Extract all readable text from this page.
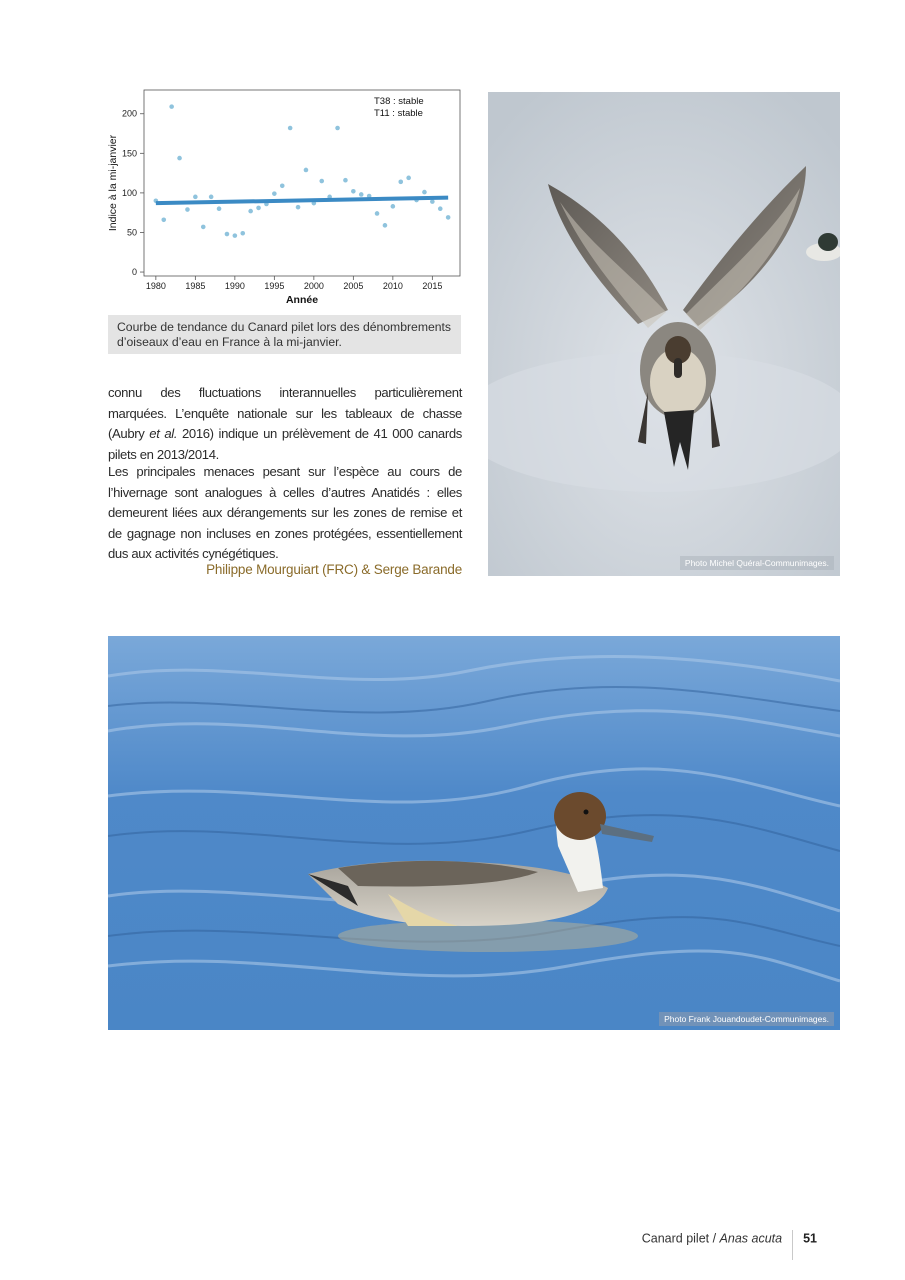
1980 1985 1990 1995 2000 2005 2010 2015
0
50
100
150
200
Année
Indice à la mi-janvier
T38 : stable
T11 : stable
Courbe de tendance du Canard pilet lors des dénombrements d’oiseaux d’eau en France à la mi-janvier.
connu des fluctuations interannuelles particulièrement marquées. L’enquête nationale sur les tableaux de chasse (Aubry et al. 2016) indique un prélèvement de 41 000 canards pilets en 2013/2014.
Les principales menaces pesant sur l’espèce au cours de l’hivernage sont analogues à celles d’autres Anatidés : elles demeurent liées aux dérangements sur les zones de remise et de gagnage non incluses en zones protégées, essentiellement dus aux activités cynégétiques.
Philippe Mourguiart (FRC) & Serge Barande	Photo Michel Quéral-Communimages.
Photo Frank Jouandoudet-Communimages.
Canard pilet / Anas acuta 51
